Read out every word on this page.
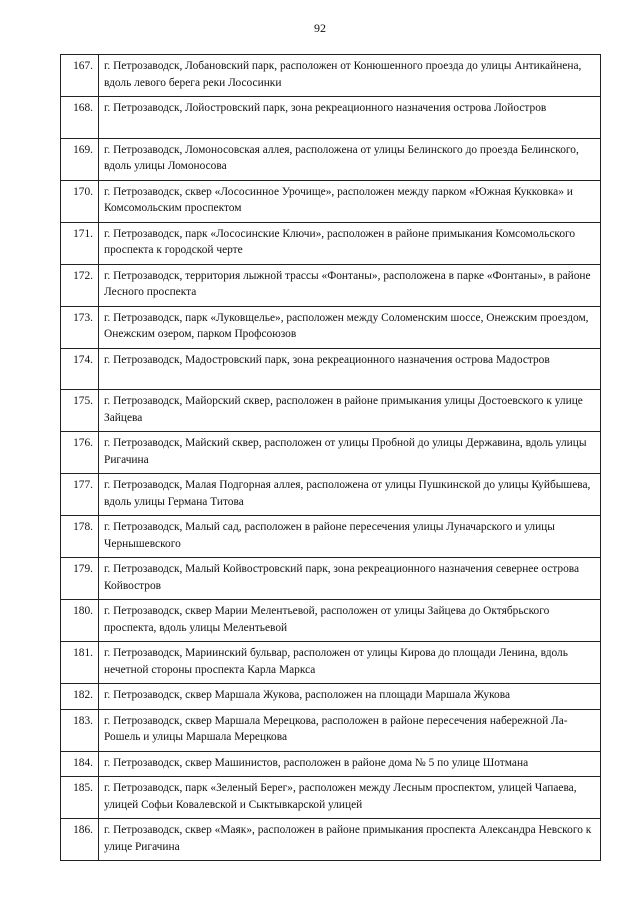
92
167.	г. Петрозаводск, Лобановский парк, расположен от Конюшенного проезда до улицы Антикайнена, вдоль левого берега реки Лососинки
168.	г. Петрозаводск, Лойостровский парк, зона рекреационного назначения острова Лойостров
169.	г. Петрозаводск, Ломоносовская аллея, расположена от улицы Белинского до проезда Белинского, вдоль улицы Ломоносова
170.	г. Петрозаводск, сквер «Лососинное Урочище», расположен между парком «Южная Кукковка» и Комсомольским проспектом
171.	г. Петрозаводск, парк «Лососинские Ключи», расположен в районе примыкания Комсомольского проспекта к городской черте
172.	г. Петрозаводск, территория лыжной трассы «Фонтаны», расположена в парке «Фонтаны», в районе Лесного проспекта
173.	г. Петрозаводск, парк «Луковщелье», расположен между Соломенским шоссе, Онежским проездом, Онежским озером, парком Профсоюзов
174.	г. Петрозаводск, Мадостровский парк, зона рекреационного назначения острова Мадостров
175.	г. Петрозаводск, Майорский сквер, расположен в районе примыкания улицы Достоевского к улице Зайцева
176.	г. Петрозаводск, Майский сквер, расположен от улицы Пробной до улицы Державина, вдоль улицы Ригачина
177.	г. Петрозаводск, Малая Подгорная аллея, расположена от улицы Пушкинской до улицы Куйбышева, вдоль улицы Германа Титова
178.	г. Петрозаводск, Малый сад, расположен в районе пересечения улицы Луначарского и улицы Чернышевского
179.	г. Петрозаводск, Малый Койвостровский парк, зона рекреационного назначения севернее острова Койвостров
180.	г. Петрозаводск, сквер Марии Мелентьевой, расположен от улицы Зайцева до Октябрьского проспекта, вдоль улицы Мелентьевой
181.	г. Петрозаводск, Мариинский бульвар, расположен от улицы Кирова до площади Ленина, вдоль нечетной стороны проспекта Карла Маркса
182.	г. Петрозаводск, сквер Маршала Жукова, расположен на площади Маршала Жукова
183.	г. Петрозаводск, сквер Маршала Мерецкова, расположен в районе пересечения набережной Ла-Рошель и улицы Маршала Мерецкова
184.	г. Петрозаводск, сквер Машинистов, расположен в районе дома № 5 по улице Шотмана
185.	г. Петрозаводск, парк «Зеленый Берег», расположен между Лесным проспектом, улицей Чапаева, улицей Софьи Ковалевской и Сыктывкарской улицей
186.	г. Петрозаводск, сквер «Маяк», расположен в районе примыкания проспекта Александра Невского к улице Ригачина
